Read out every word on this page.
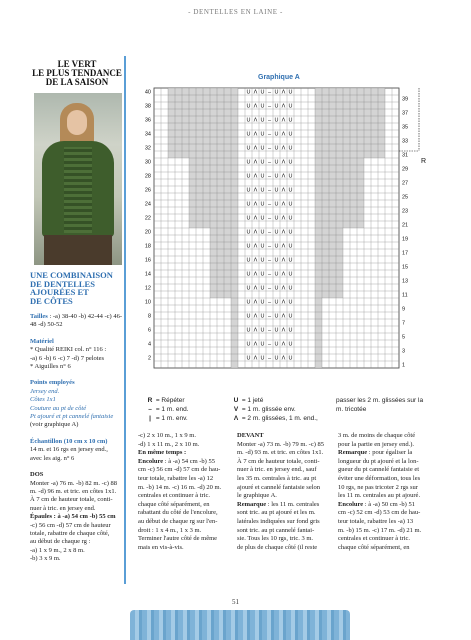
- DENTELLES EN LAINE -
LE VERT
LE PLUS TENDANCE
DE LA SAISON
UNE COMBINAISON
DE DENTELLES
AJOURÉES ET
DE CÔTES
Tailles : -a) 38-40 -b) 42-44 -c) 46-48 -d) 50-52
Matériel
* Qualité REIKI col. n° 116 :
-a) 6 -b) 6 -c) 7 -d) 7 pelotes
* Aiguilles n° 6
Points employés
Jersey end.
Côtes 1x1
Couture au pt de côté
Pt ajouré et pt cannelé fantaisie
(voir graphique A)
Échantillon (10 cm x 10 cm)
14 m. et 16 rgs en jersey end.,
avec les aig. n° 6
DOS
Monter -a) 76 m. -b) 82 m. -c) 88
m. -d) 96 m. et tric. en côtes 1x1.
À 7 cm de hauteur totale, conti-
nuer à tric. en jersey end.
Épaules : à -a) 54 cm -b) 55 cm
-c) 56 cm -d) 57 cm de hauteur
totale, rabattre de chaque côté,
au début de chaque rg :
-a) 1 x 9 m., 2 x 8 m.
-b) 3 x 9 m.
Graphique A
U Λ U – U Λ U
U Λ U – U Λ U
U Λ U – U Λ U
U Λ U – U Λ U
U Λ U – U Λ U
U Λ U – U Λ U
U Λ U – U Λ U
U Λ U – U Λ U
U Λ U – U Λ U
U Λ U – U Λ U
U Λ U – U Λ U
U Λ U – U Λ U
U Λ U – U Λ U
U Λ U – U Λ U
U Λ U – U Λ U
U Λ U – U Λ U
U Λ U – U Λ U
U Λ U – U Λ U
U Λ U – U Λ U
U Λ U – U Λ U
40
38
36
34
32
30
28
26
24
22
20
18
16
14
12
10
8
6
4
2
39
37
35
33
31
29
27
25
23
21
19
17
15
13
11
9
7
5
3
1
R
R = Répéter
– = 1 m. end.
| = 1 m. env.
U = 1 jeté
V = 1 m. glissée env.
Λ = 2 m. glissées, 1 m. end.,
passer les 2 m. glissées sur la
m. tricotée
-c) 2 x 10 m., 1 x 9 m.
-d) 1 x 11 m., 2 x 10 m.
En même temps :
Encolure : à -a) 54 cm -b) 55
cm -c) 56 cm -d) 57 cm de hau-
teur totale, rabattre les -a) 12
m. -b) 14 m. -c) 16 m. -d) 20 m.
centrales et continuer à tric.
chaque côté séparément, en
rabattant du côté de l'encolure,
au début de chaque rg sur l'en-
droit : 1 x 4 m., 1 x 3 m.
Terminer l'autre côté de même
mais en vis-à-vis.
DEVANT
Monter -a) 73 m. -b) 79 m. -c) 85
m. -d) 93 m. et tric. en côtes 1x1.
À 7 cm de hauteur totale, conti-
nuer à tric. en jersey end., sauf
les 35 m. centrales à tric. au pt
ajouré et cannelé fantaisie selon
le graphique A.
Remarque : les 11 m. centrales
sont tric. au pt ajouré et les m.
latérales indiquées sur fond gris
sont tric. au pt cannelé fantai-
sie. Tous les 10 rgs, tric. 3 m.
de plus de chaque côté (il reste
3 m. de moins de chaque côté
pour la partie en jersey end.).
Remarque : pour égaliser la
longueur du pt ajouré et la lon-
gueur du pt cannelé fantaisie et
éviter une déformation, tous les
10 rgs, ne pas tricoter 2 rgs sur
les 11 m. centrales au pt ajouré.
Encolure : à -a) 50 cm -b) 51
cm -c) 52 cm -d) 53 cm de hau-
teur totale, rabattre les -a) 13
m. -b) 15 m. -c) 17 m. -d) 21 m.
centrales et continuer à tric.
chaque côté séparément, en
51
